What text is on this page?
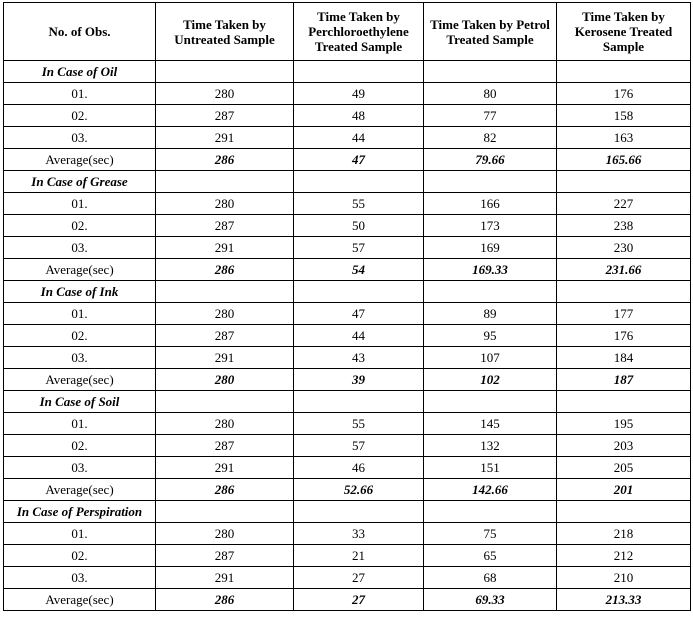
No. of Obs.	Time Taken by Untreated Sample	Time Taken by Perchloroethylene Treated Sample	Time Taken by Petrol Treated Sample	Time Taken by Kerosene Treated Sample
In Case of Oil				
01.	280	49	80	176
02.	287	48	77	158
03.	291	44	82	163
Average(sec)	286	47	79.66	165.66
In Case of Grease				
01.	280	55	166	227
02.	287	50	173	238
03.	291	57	169	230
Average(sec)	286	54	169.33	231.66
In Case of Ink				
01.	280	47	89	177
02.	287	44	95	176
03.	291	43	107	184
Average(sec)	280	39	102	187
In Case of Soil				
01.	280	55	145	195
02.	287	57	132	203
03.	291	46	151	205
Average(sec)	286	52.66	142.66	201
In Case of Perspiration				
01.	280	33	75	218
02.	287	21	65	212
03.	291	27	68	210
Average(sec)	286	27	69.33	213.33
